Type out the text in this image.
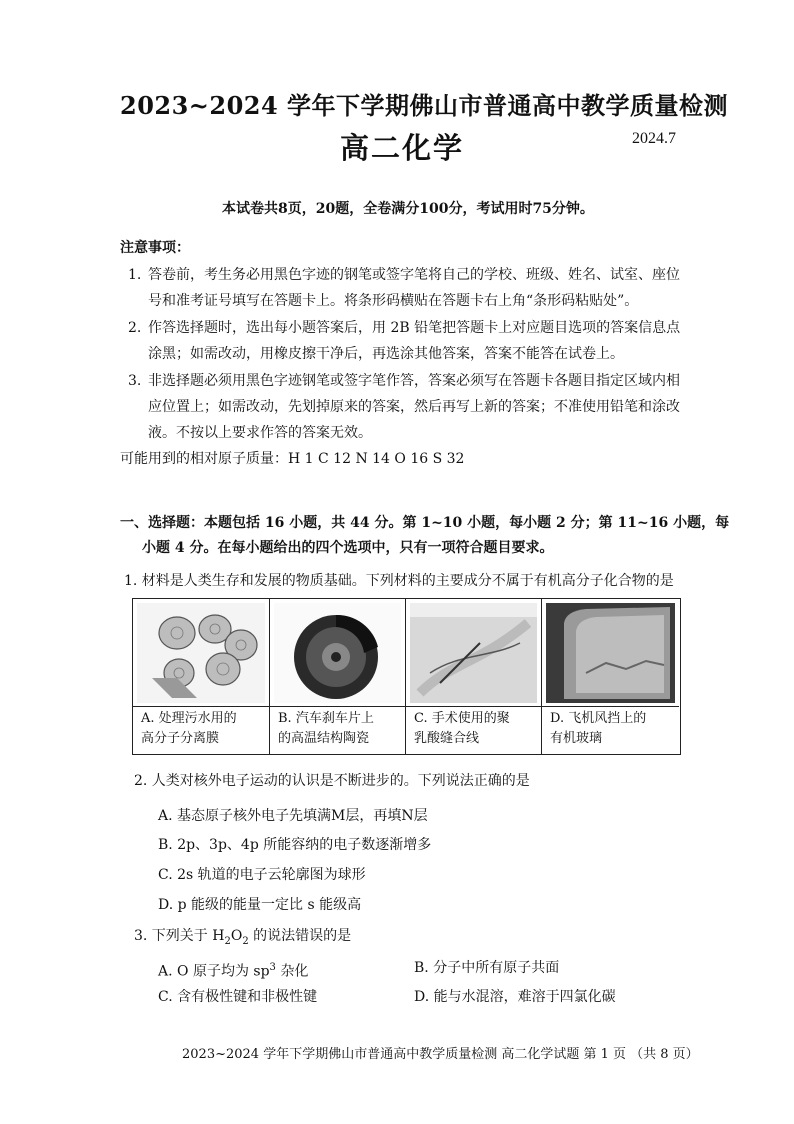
2023~2024 学年下学期佛山市普通高中教学质量检测
高二化学	2024.7
本试卷共8页，20题，全卷满分100分，考试用时75分钟。
注意事项：
1. 答卷前，考生务必用黑色字迹的钢笔或签字笔将自己的学校、班级、姓名、试室、座位号和准考证号填写在答题卡上。将条形码横贴在答题卡右上角“条形码粘贴处”。
2. 作答选择题时，选出每小题答案后，用 2B 铅笔把答题卡上对应题目选项的答案信息点涂黑；如需改动，用橡皮擦干净后，再选涂其他答案，答案不能答在试卷上。
3. 非选择题必须用黑色字迹钢笔或签字笔作答，答案必须写在答题卡各题目指定区域内相应位置上；如需改动，先划掉原来的答案，然后再写上新的答案；不准使用铅笔和涂改液。不按以上要求作答的答案无效。
可能用到的相对原子质量：H 1 C 12 N 14 O 16 S 32
一、选择题：本题包括 16 小题，共 44 分。第 1~10 小题，每小题 2 分；第 11~16 小题，每
小题 4 分。在每小题给出的四个选项中，只有一项符合题目要求。
1. 材料是人类生存和发展的物质基础。下列材料的主要成分不属于有机高分子化合物的是
A. 处理污水用的
高分子分离膜
B. 汽车刹车片上
的高温结构陶瓷
C. 手术使用的聚
乳酸缝合线
D. 飞机风挡上的
有机玻璃
2. 人类对核外电子运动的认识是不断进步的。下列说法正确的是
A. 基态原子核外电子先填满M层，再填N层
B. 2p、3p、4p 所能容纳的电子数逐渐增多
C. 2s 轨道的电子云轮廓图为球形
D. p 能级的能量一定比 s 能级高
3. 下列关于 $H_2O_2$ 的说法错误的是
A. O 原子均为 $sp^3$ 杂化	B. 分子中所有原子共面
C. 含有极性键和非极性键	D. 能与水混溶，难溶于四氯化碳
2023~2024 学年下学期佛山市普通高中教学质量检测 高二化学试题 第 1 页 （共 8 页）
